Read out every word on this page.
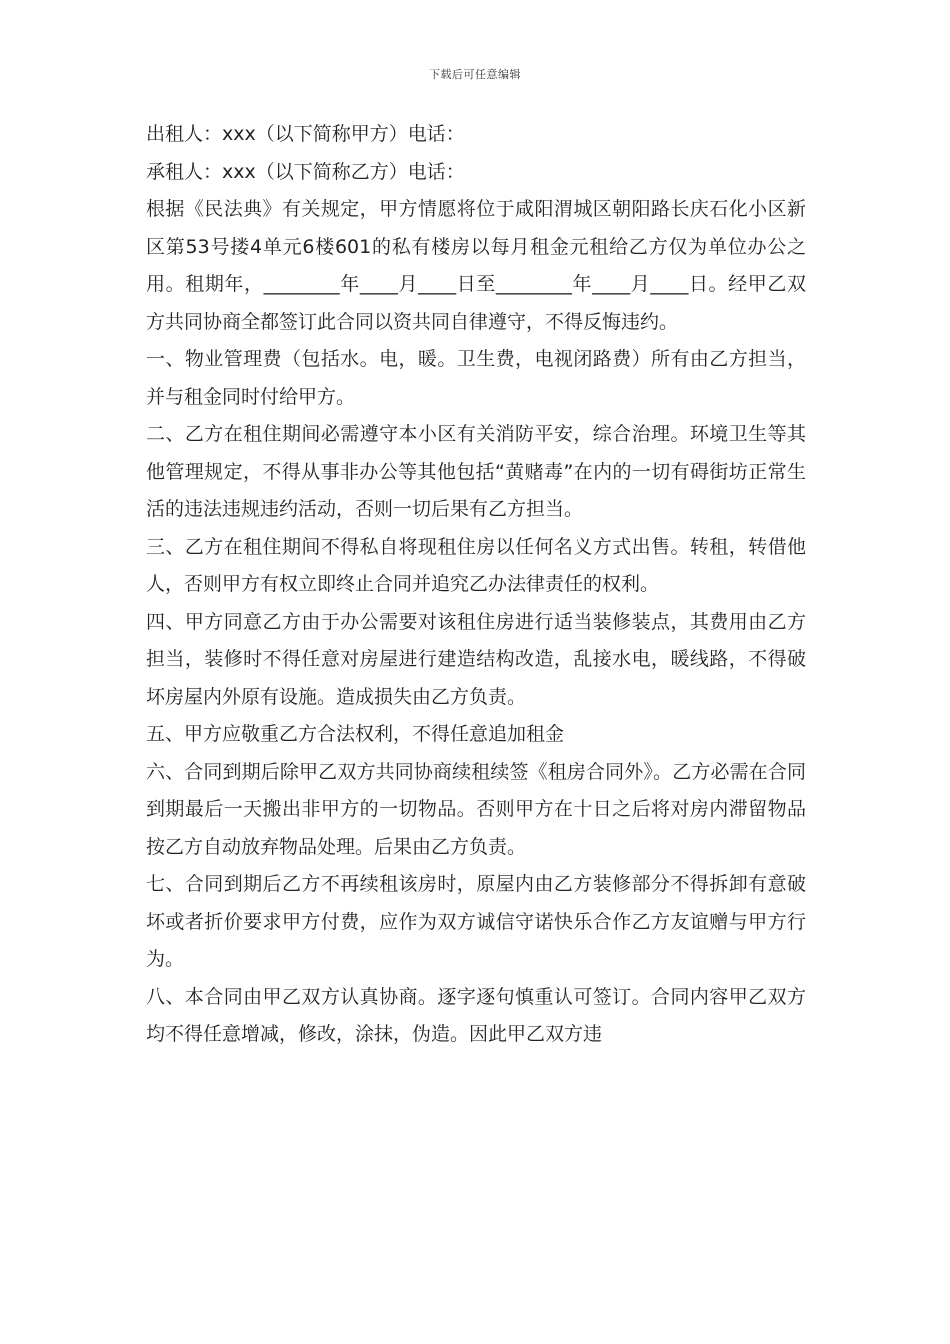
下载后可任意编辑

出租人：xxx（以下简称甲方）电话：

承租人：xxx（以下简称乙方）电话：

根据《民法典》有关规定，甲方情愿将位于咸阳渭城区朝阳路长庆石化小区新区第53号搂4单元6楼601的私有楼房以每月租金元租给乙方仅为单位办公之用。租期年，________年____月____日至________年____月____日。经甲乙双方共同协商全都签订此合同以资共同自律遵守，不得反悔违约。

一、物业管理费（包括水。电，暖。卫生费，电视闭路费）所有由乙方担当，并与租金同时付给甲方。

二、乙方在租住期间必需遵守本小区有关消防平安，综合治理。环境卫生等其他管理规定，不得从事非办公等其他包括“黄赌毒”在内的一切有碍街坊正常生活的违法违规违约活动，否则一切后果有乙方担当。

三、乙方在租住期间不得私自将现租住房以任何名义方式出售。转租，转借他人，否则甲方有权立即终止合同并追究乙办法律责任的权利。

四、甲方同意乙方由于办公需要对该租住房进行适当装修装点，其费用由乙方担当，装修时不得任意对房屋进行建造结构改造，乱接水电，暖线路，不得破坏房屋内外原有设施。造成损失由乙方负责。

五、甲方应敬重乙方合法权利，不得任意追加租金

六、合同到期后除甲乙双方共同协商续租续签《租房合同外》。乙方必需在合同到期最后一天搬出非甲方的一切物品。否则甲方在十日之后将对房内滞留物品按乙方自动放弃物品处理。后果由乙方负责。

七、合同到期后乙方不再续租该房时，原屋内由乙方装修部分不得拆卸有意破坏或者折价要求甲方付费，应作为双方诚信守诺快乐合作乙方友谊赠与甲方行为。

八、本合同由甲乙双方认真协商。逐字逐句慎重认可签订。合同内容甲乙双方均不得任意增减，修改，涂抹，伪造。因此甲乙双方违
